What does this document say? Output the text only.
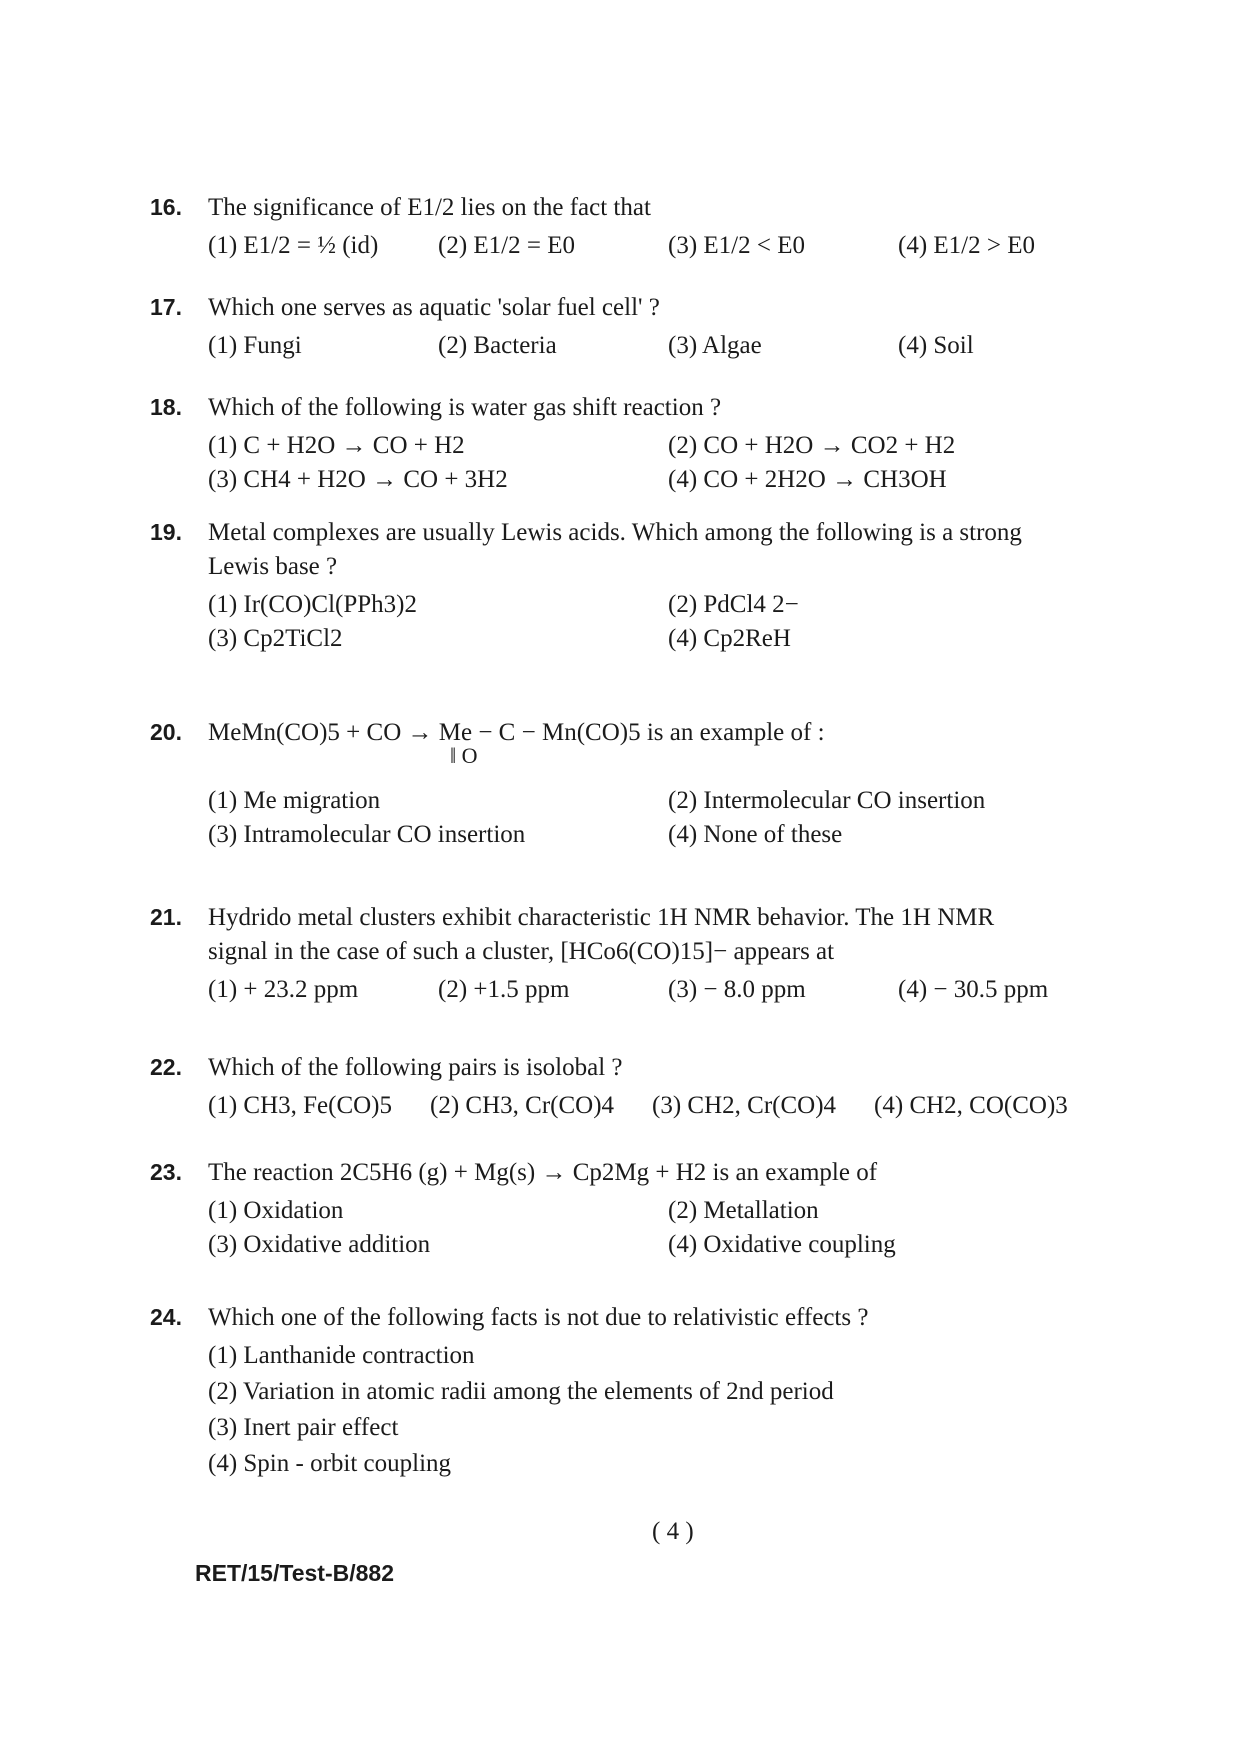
16.	The significance of E1/2 lies on the fact that
(1) E1/2 = ½ (id)	(2) E1/2 = E0	(3) E1/2 < E0	(4) E1/2 > E0
17.	Which one serves as aquatic 'solar fuel cell' ?
(1) Fungi	(2) Bacteria	(3) Algae	(4) Soil
18.	Which of the following is water gas shift reaction ?
(1) C + H2O → CO + H2	(2) CO + H2O → CO2 + H2
(3) CH4 + H2O → CO + 3H2	(4) CO + 2H2O → CH3OH
19.	Metal complexes are usually Lewis acids. Which among the following is a strong
Lewis base ?
(1) Ir(CO)Cl(PPh3)2	(2) PdCl4 2−
(3) Cp2TiCl2	(4) Cp2ReH
20.	MeMn(CO)5 + CO → Me − C − Mn(CO)5 is an example of :
‖ O
(1) Me migration	(2) Intermolecular CO insertion
(3) Intramolecular CO insertion	(4) None of these
21.	Hydrido metal clusters exhibit characteristic 1H NMR behavior. The 1H NMR
signal in the case of such a cluster, [HCo6(CO)15]− appears at
(1) + 23.2 ppm	(2) +1.5 ppm	(3) − 8.0 ppm	(4) − 30.5 ppm
22.	Which of the following pairs is isolobal ?
(1) CH3, Fe(CO)5 (2) CH3, Cr(CO)4 (3) CH2, Cr(CO)4 (4) CH2, CO(CO)3
23.	The reaction 2C5H6 (g) + Mg(s) → Cp2Mg + H2 is an example of
(1) Oxidation	(2) Metallation
(3) Oxidative addition	(4) Oxidative coupling
24.	Which one of the following facts is not due to relativistic effects ?
(1) Lanthanide contraction
(2) Variation in atomic radii among the elements of 2nd period
(3) Inert pair effect
(4) Spin - orbit coupling
( 4 )
RET/15/Test-B/882
